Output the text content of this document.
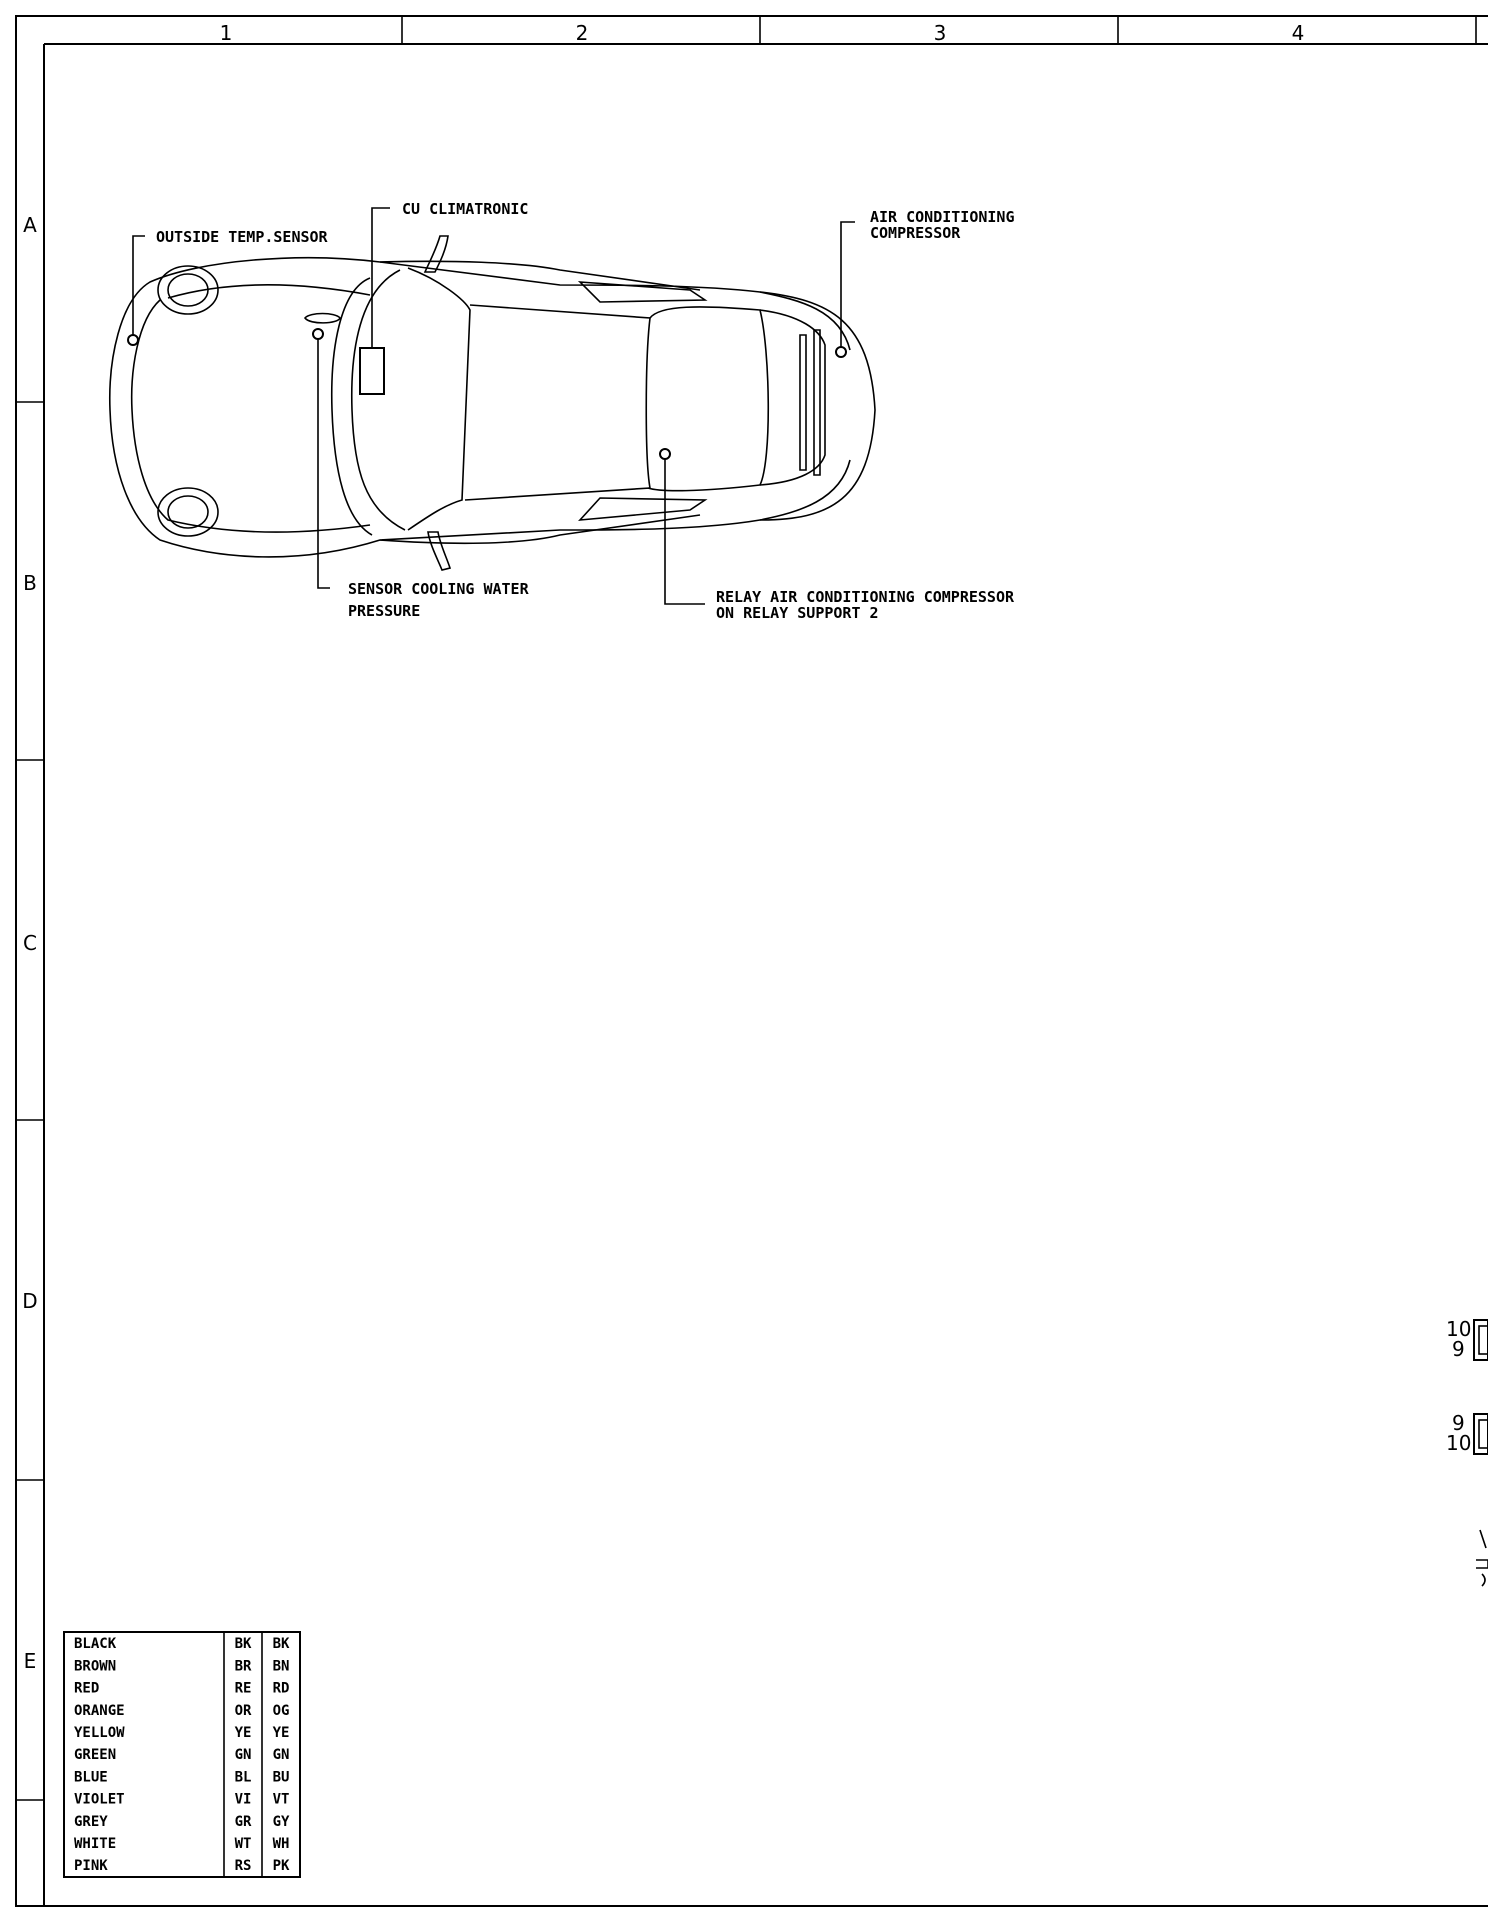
1	2	3	4
A
B
C
D
E
OUTSIDE TEMP.SENSOR
CU CLIMATRONIC	AIR CONDITIONING
COMPRESSOR
SENSOR COOLING WATER
PRESSURE
RELAY AIR CONDITIONING COMPRESSOR
ON RELAY SUPPORT 2
10
9
9
10
BLACK	BK BK
BROWN	BR BN
RED	RE RD
ORANGE	OR OG
YELLOW	YE YE
GREEN	GN GN
BLUE	BL BU
VIOLET	VI VT
GREY	GR GY
WHITE	WT WH
PINK	RS PK
